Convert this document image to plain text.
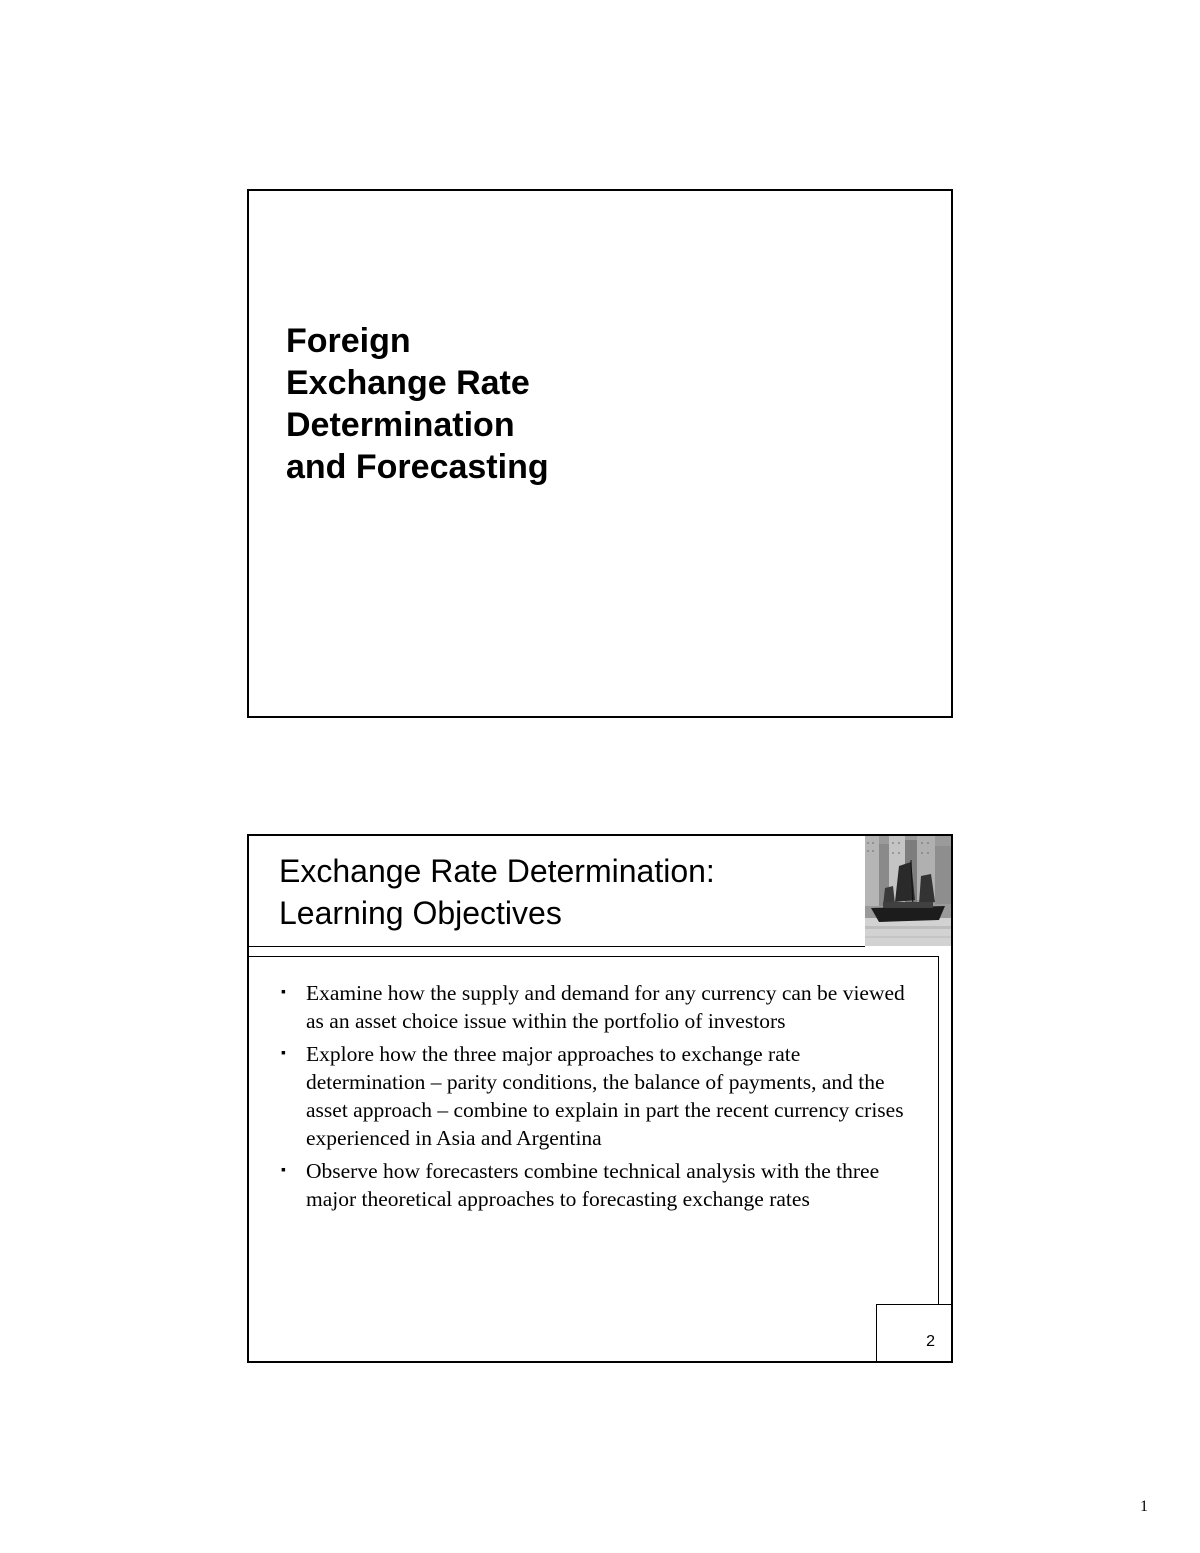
Foreign
Exchange Rate
Determination
and Forecasting
Exchange Rate Determination:
Learning Objectives
▪ Examine how the supply and demand for any currency can be viewed as an asset choice issue within the portfolio of investors
▪ Explore how the three major approaches to exchange rate determination – parity conditions, the balance of payments, and the asset approach – combine to explain in part the recent currency crises experienced in Asia and Argentina
▪ Observe how forecasters combine technical analysis with the three major theoretical approaches to forecasting exchange rates
2
1
